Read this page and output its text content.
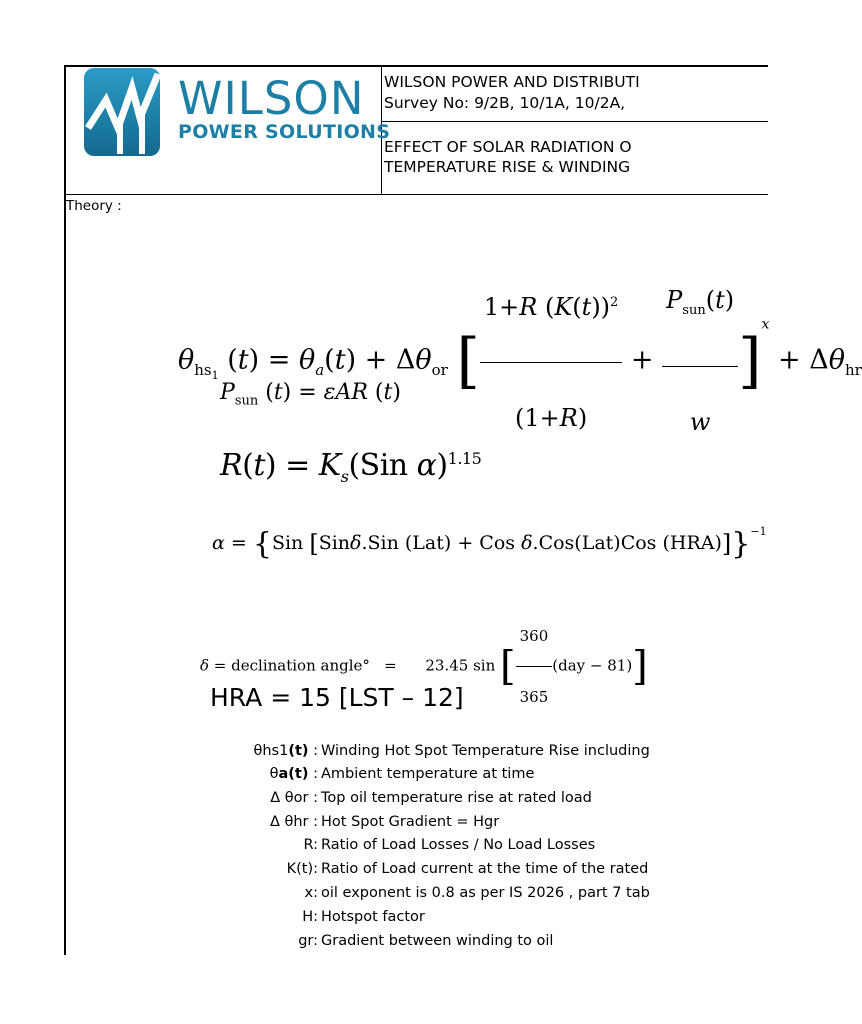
WILSON
POWER SOLUTIONS
WILSON POWER AND DISTRIBUTI
Survey No: 9/2B, 10/1A, 10/2A,
EFFECT OF SOLAR RADIATION O
TEMPERATURE RISE & WINDING
Theory :
$\theta_{hs_1}$ $(t) = \theta_a(t) + \Delta\theta_{or}$ [ $\frac{1+R (K(t))^2}{(1+R)} + \frac{P_{sun}(t)}{w} ]^x + \Delta\theta_{hr}$
$P_{sun}$ (t) = εAR (t)
$R(t) = K_s(Sin$ α)$^{1.15}$
α = {Sin [Sinδ.Sin (Lat) + Cos δ.Cos(Lat)Cos (HRA)]}$^{-1}$
δ = declination angle°   =      23.45 sin [ $\frac{360}{365} (day - 81)$]
HRA = 15 [LST – 12]
θhs1(t) : Winding Hot Spot Temperature Rise including
θa(t) : Ambient temperature at time
Δ θor : Top oil temperature rise at rated load
Δ θhr : Hot Spot Gradient = Hgr
R: Ratio of Load Losses / No Load Losses
K(t): Ratio of Load current at the time of the rated
x: oil exponent is 0.8 as per IS 2026 , part 7 tab
H: Hotspot factor
gr: Gradient between winding to oil
